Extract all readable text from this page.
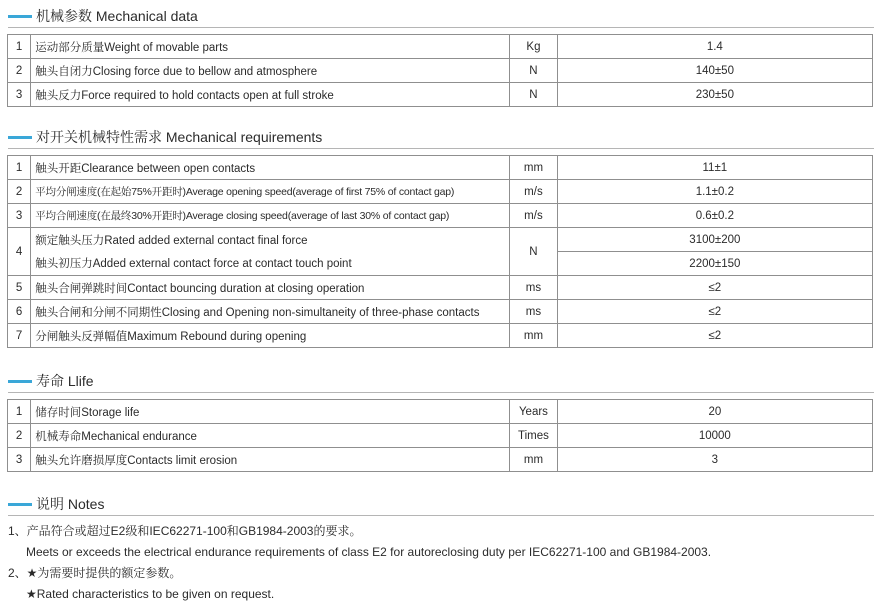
机械参数 Mechanical data
1	运动部分质量Weight of movable parts	Kg	1.4
2	触头自闭力Closing force due to bellow and atmosphere	N	140±50
3	触头反力Force required to hold contacts open at full stroke	N	230±50
对开关机械特性需求 Mechanical requirements
1	触头开距Clearance between open contacts	mm	11±1
2	平均分闸速度(在起始75%开距时)Average opening speed(average of first 75% of contact gap)	m/s	1.1±0.2
3	平均合闸速度(在最终30%开距时)Average closing speed(average of last 30% of contact gap)	m/s	0.6±0.2
4	额定触头压力Rated added external contact final force	N	3100±200
	触头初压力Added external contact force at contact touch point		2200±150
5	触头合闸弹跳时间Contact bouncing duration at closing operation	ms	≤2
6	触头合闸和分闸不同期性Closing and Opening non-simultaneity of three-phase contacts	ms	≤2
7	分闸触头反弹幅值Maximum Rebound during opening	mm	≤2
寿命 Llife
1	储存时间Storage life	Years	20
2	机械寿命Mechanical endurance	Times	10000
3	触头允许磨损厚度Contacts limit erosion	mm	3
说明 Notes
1、产品符合或超过E2级和IEC62271-100和GB1984-2003的要求。
Meets or exceeds the electrical endurance requirements of class E2 for autoreclosing duty per IEC62271-100 and GB1984-2003.
2、★为需要时提供的额定参数。
★Rated characteristics to be given on request.
